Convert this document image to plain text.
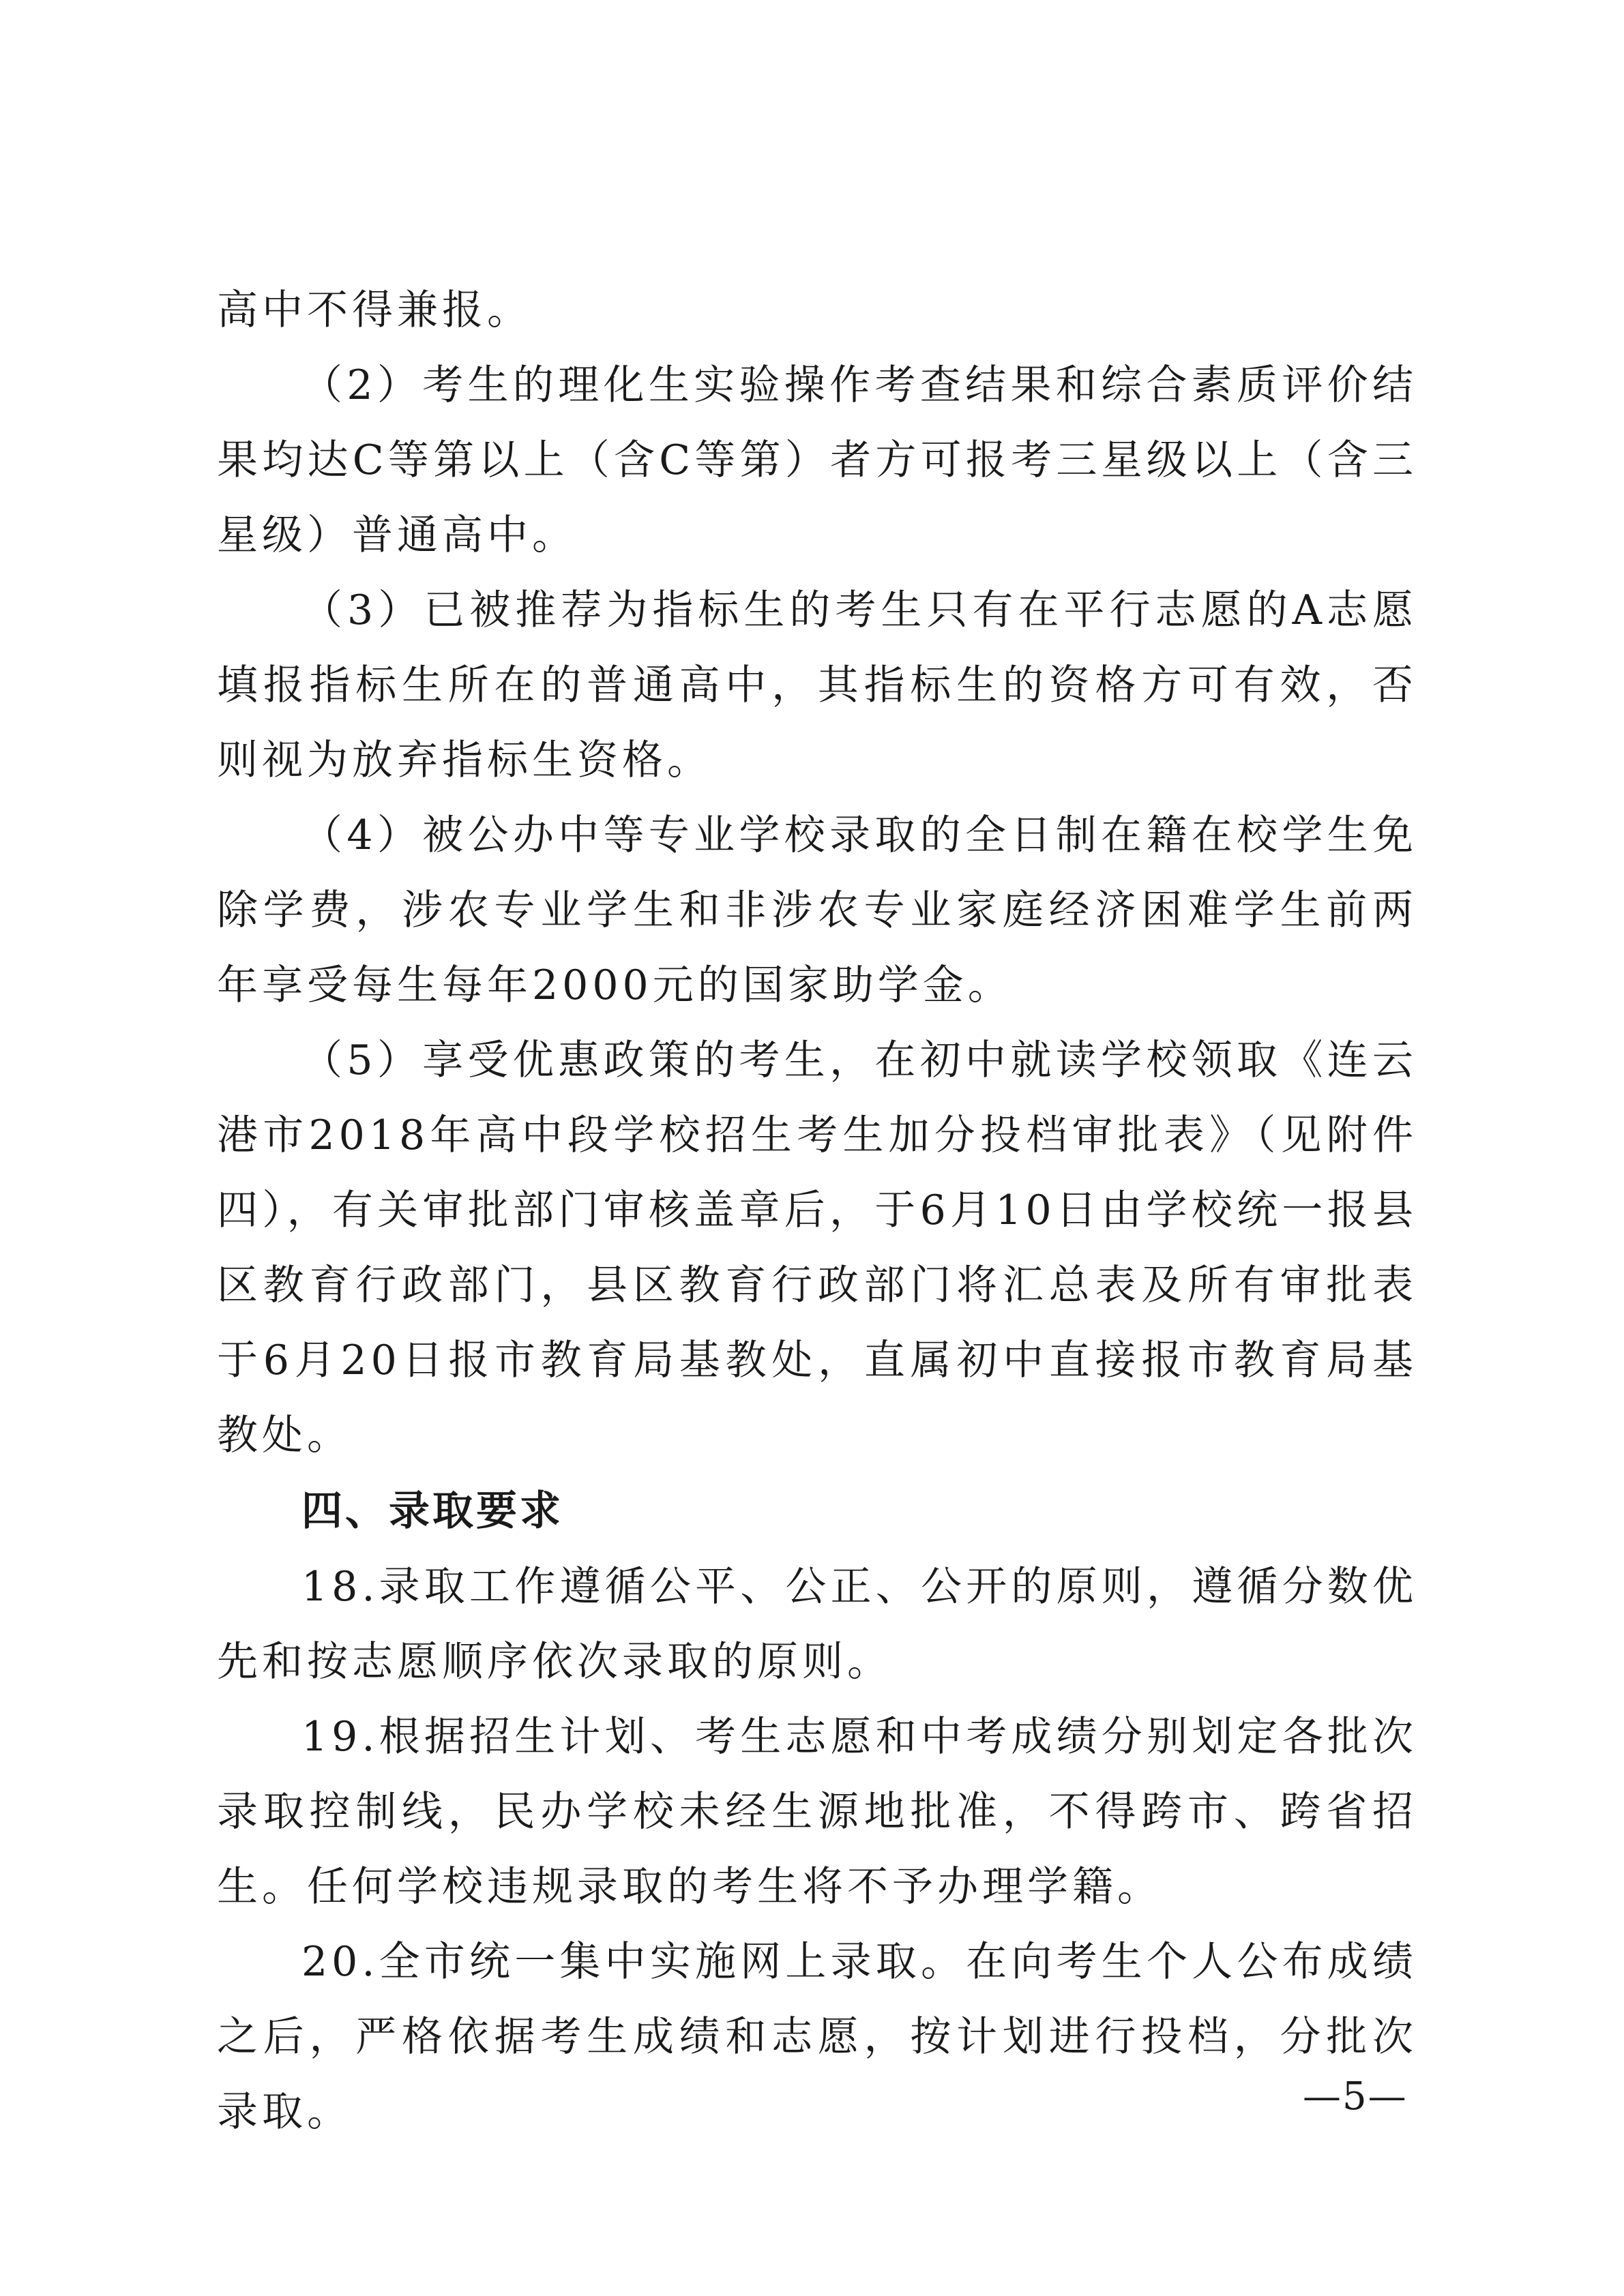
高中不得兼报。

（2）考生的理化生实验操作考查结果和综合素质评价结果均达C等第以上（含C等第）者方可报考三星级以上（含三星级）普通高中。

（3）已被推荐为指标生的考生只有在平行志愿的A志愿填报指标生所在的普通高中，其指标生的资格方可有效，否则视为放弃指标生资格。

（4）被公办中等专业学校录取的全日制在籍在校学生免除学费，涉农专业学生和非涉农专业家庭经济困难学生前两年享受每生每年2000元的国家助学金。

（5）享受优惠政策的考生，在初中就读学校领取《连云港市2018年高中段学校招生考生加分投档审批表》（见附件四），有关审批部门审核盖章后，于6月10日由学校统一报县区教育行政部门，县区教育行政部门将汇总表及所有审批表于6月20日报市教育局基教处，直属初中直接报市教育局基教处。

四、录取要求

18.录取工作遵循公平、公正、公开的原则，遵循分数优先和按志愿顺序依次录取的原则。

19.根据招生计划、考生志愿和中考成绩分别划定各批次录取控制线，民办学校未经生源地批准，不得跨市、跨省招生。任何学校违规录取的考生将不予办理学籍。

20.全市统一集中实施网上录取。在向考生个人公布成绩之后，严格依据考生成绩和志愿，按计划进行投档，分批次录取。	—5—
